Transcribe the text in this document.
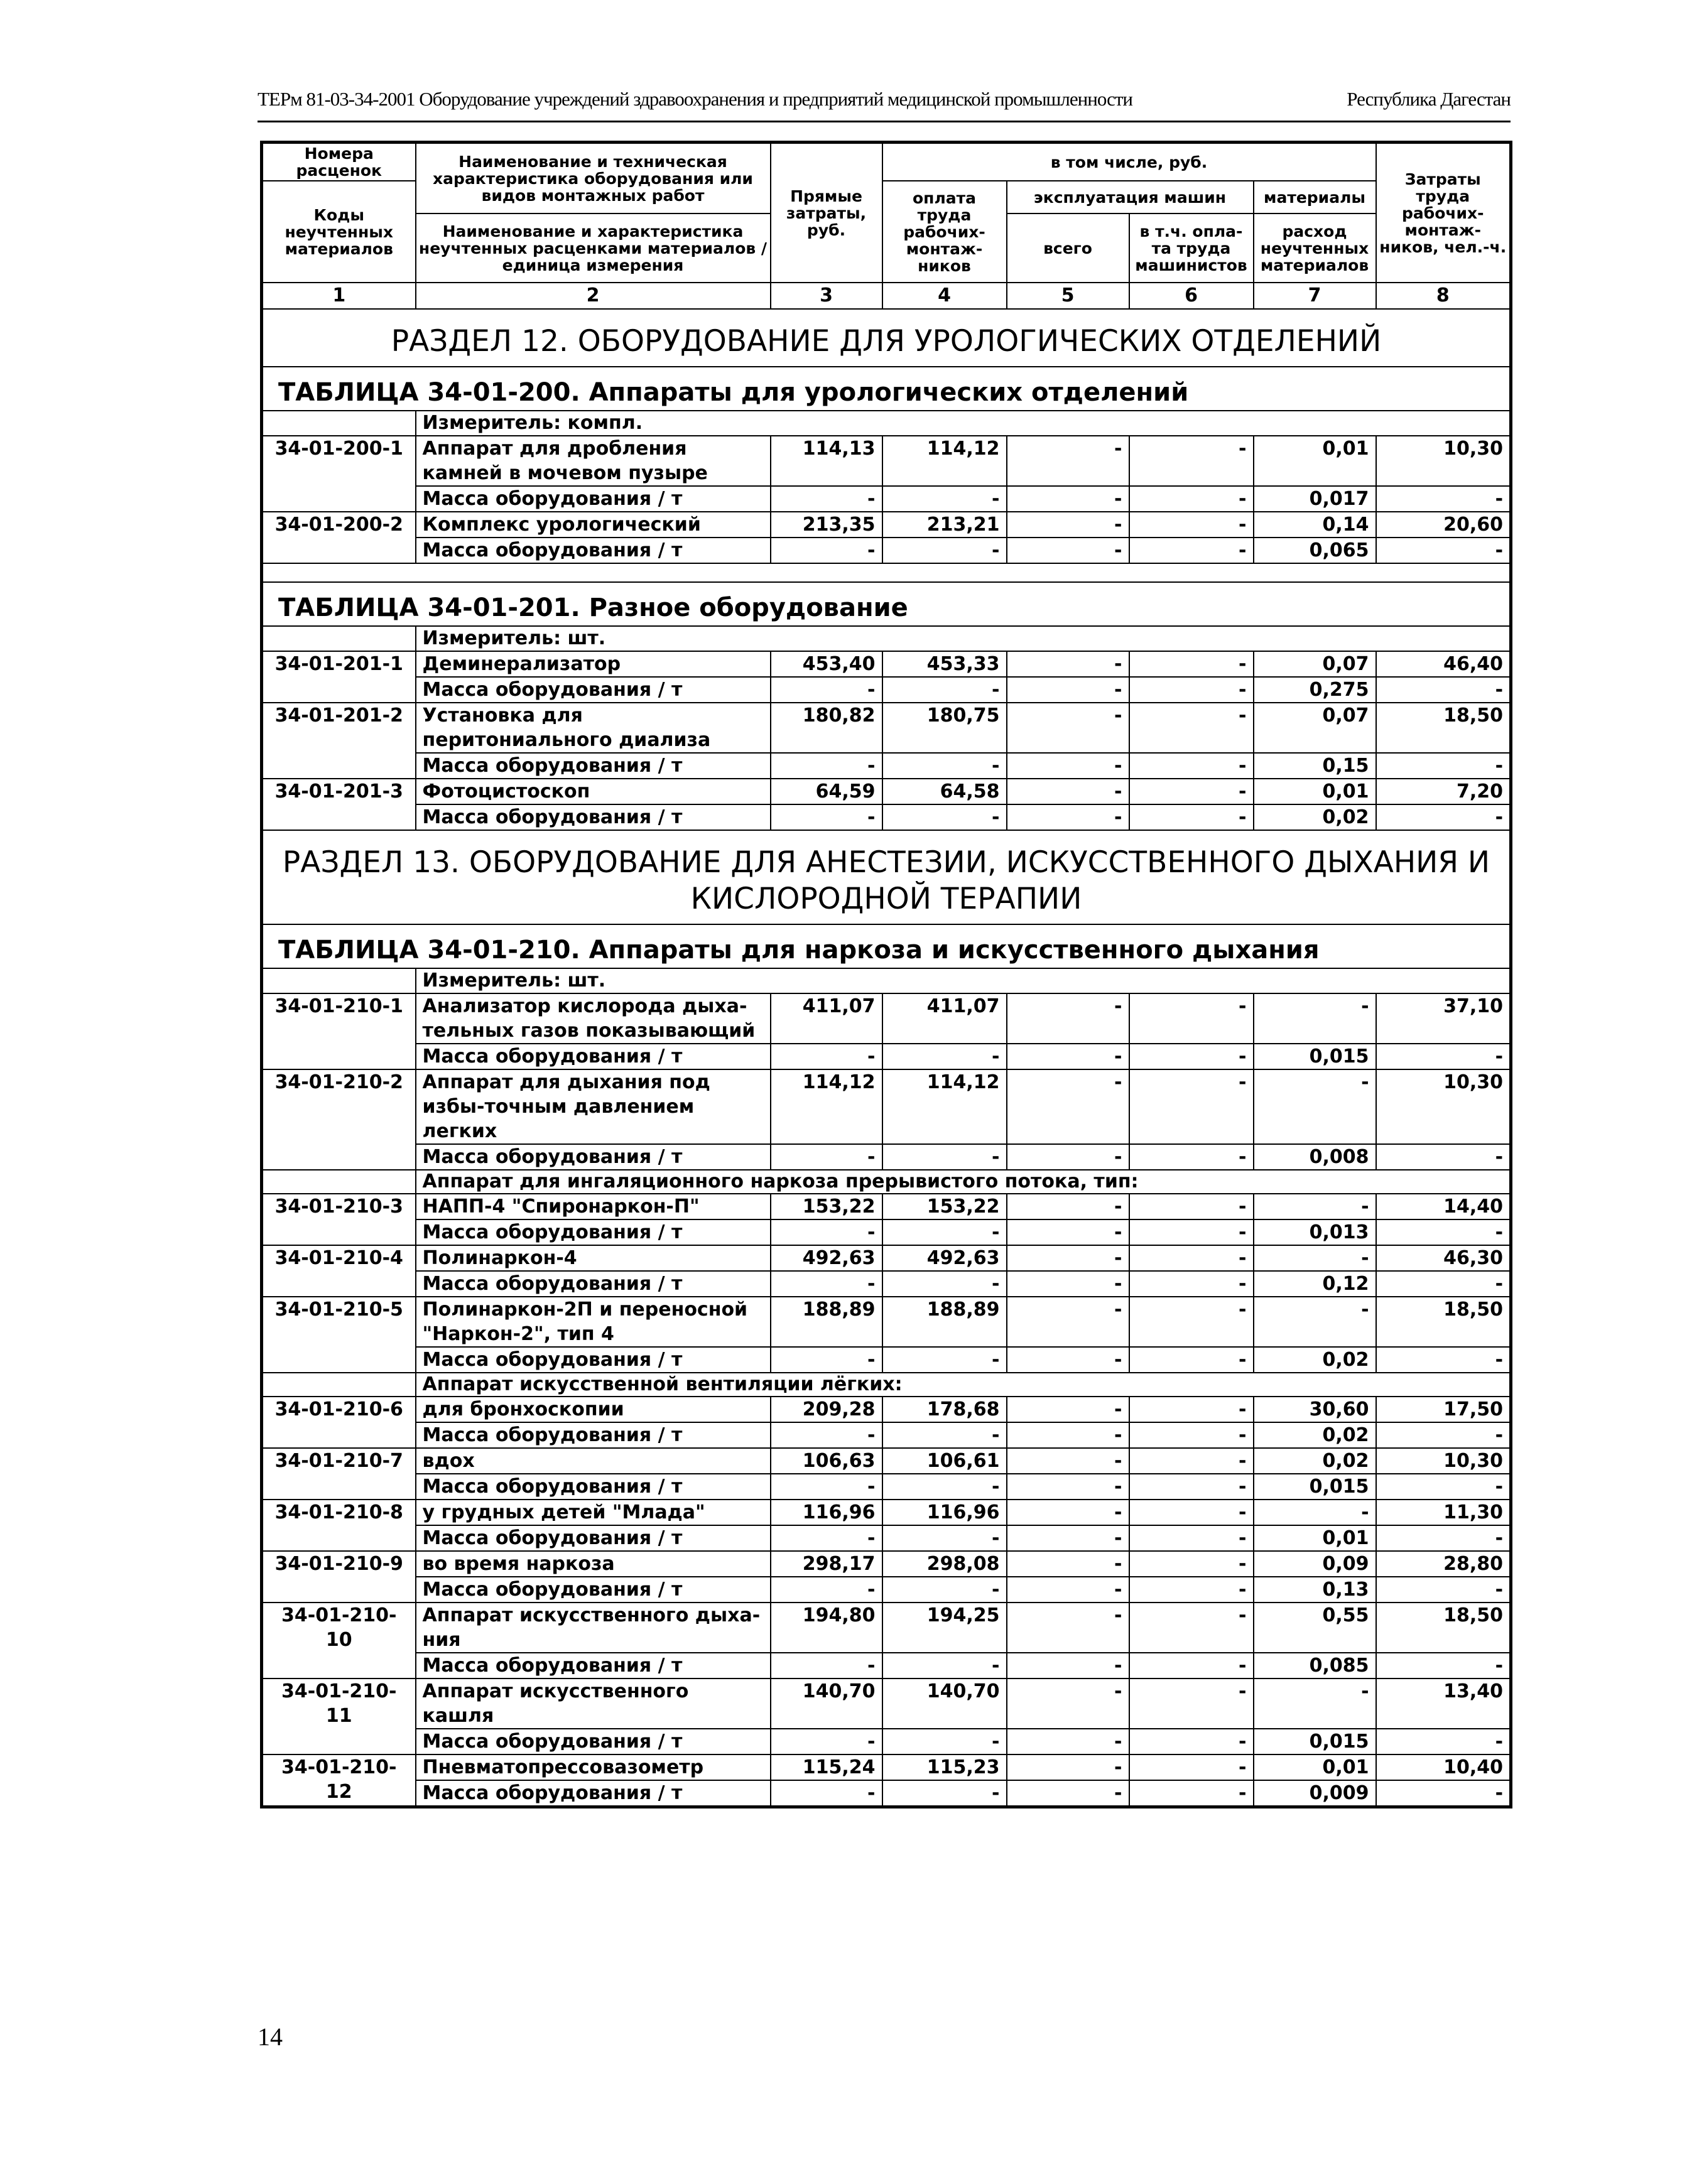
ТЕРм 81-03-34-2001 Оборудование учреждений здравоохранения и предприятий медицинской промышленности	Республика Дагестан
Номера расценок	Наименование и техническая характеристика оборудования или видов монтажных работ	Прямые затраты, руб.	в том числе, руб.				Затраты труда рабочих-монтаж-ников, чел.-ч.
Коды неучтенных материалов			оплата труда рабочих-монтаж-ников	эксплуатация машин		материалы	
	Наименование и характеристика неучтенных расценками материалов / единица измерения			всего	в т.ч. опла-та труда машинистов	расход неучтенных материалов	
1	2	3	4	5	6	7	8
РАЗДЕЛ 12. ОБОРУДОВАНИЕ ДЛЯ УРОЛОГИЧЕСКИХ ОТДЕЛЕНИЙ							
ТАБЛИЦА 34-01-200. Аппараты для урологических отделений							
	Измеритель: компл.						
34-01-200-1	Аппарат для дробления камней в мочевом пузыре	114,13	114,12	-	-	0,01	10,30
	Масса оборудования / т	-	-	-	-	0,017	-
34-01-200-2	Комплекс урологический	213,35	213,21	-	-	0,14	20,60
	Масса оборудования / т	-	-	-	-	0,065	-

ТАБЛИЦА 34-01-201. Разное оборудование							
	Измеритель: шт.						
34-01-201-1	Деминерализатор	453,40	453,33	-	-	0,07	46,40
	Масса оборудования / т	-	-	-	-	0,275	-
34-01-201-2	Установка для перитониального диализа	180,82	180,75	-	-	0,07	18,50
	Масса оборудования / т	-	-	-	-	0,15	-
34-01-201-3	Фотоцистоскоп	64,59	64,58	-	-	0,01	7,20
	Масса оборудования / т	-	-	-	-	0,02	-
РАЗДЕЛ 13. ОБОРУДОВАНИЕ ДЛЯ АНЕСТЕЗИИ, ИСКУССТВЕННОГО ДЫХАНИЯ И КИСЛОРОДНОЙ ТЕРАПИИ							
ТАБЛИЦА 34-01-210. Аппараты для наркоза и искусственного дыхания							
	Измеритель: шт.						
34-01-210-1	Анализатор кислорода дыха-тельных газов показывающий	411,07	411,07	-	-	-	37,10
	Масса оборудования / т	-	-	-	-	0,015	-
34-01-210-2	Аппарат для дыхания под избы-точным давлением легких	114,12	114,12	-	-	-	10,30
	Масса оборудования / т	-	-	-	-	0,008	-
	Аппарат для ингаляционного наркоза прерывистого потока, тип:						
34-01-210-3	НАПП-4 "Спиронаркон-П"	153,22	153,22	-	-	-	14,40
	Масса оборудования / т	-	-	-	-	0,013	-
34-01-210-4	Полинаркон-4	492,63	492,63	-	-	-	46,30
	Масса оборудования / т	-	-	-	-	0,12	-
34-01-210-5	Полинаркон-2П и переносной "Наркон-2", тип 4	188,89	188,89	-	-	-	18,50
	Масса оборудования / т	-	-	-	-	0,02	-
	Аппарат искусственной вентиляции лёгких:						
34-01-210-6	для бронхоскопии	209,28	178,68	-	-	30,60	17,50
	Масса оборудования / т	-	-	-	-	0,02	-
34-01-210-7	вдох	106,63	106,61	-	-	0,02	10,30
	Масса оборудования / т	-	-	-	-	0,015	-
34-01-210-8	у грудных детей "Млада"	116,96	116,96	-	-	-	11,30
	Масса оборудования / т	-	-	-	-	0,01	-
34-01-210-9	во время наркоза	298,17	298,08	-	-	0,09	28,80
	Масса оборудования / т	-	-	-	-	0,13	-
34-01-210-10	Аппарат искусственного дыха-ния	194,80	194,25	-	-	0,55	18,50
	Масса оборудования / т	-	-	-	-	0,085	-
34-01-210-11	Аппарат искусственного кашля	140,70	140,70	-	-	-	13,40
	Масса оборудования / т	-	-	-	-	0,015	-
34-01-210-12	Пневматопрессовазометр	115,24	115,23	-	-	0,01	10,40
	Масса оборудования / т	-	-	-	-	0,009	-
14
